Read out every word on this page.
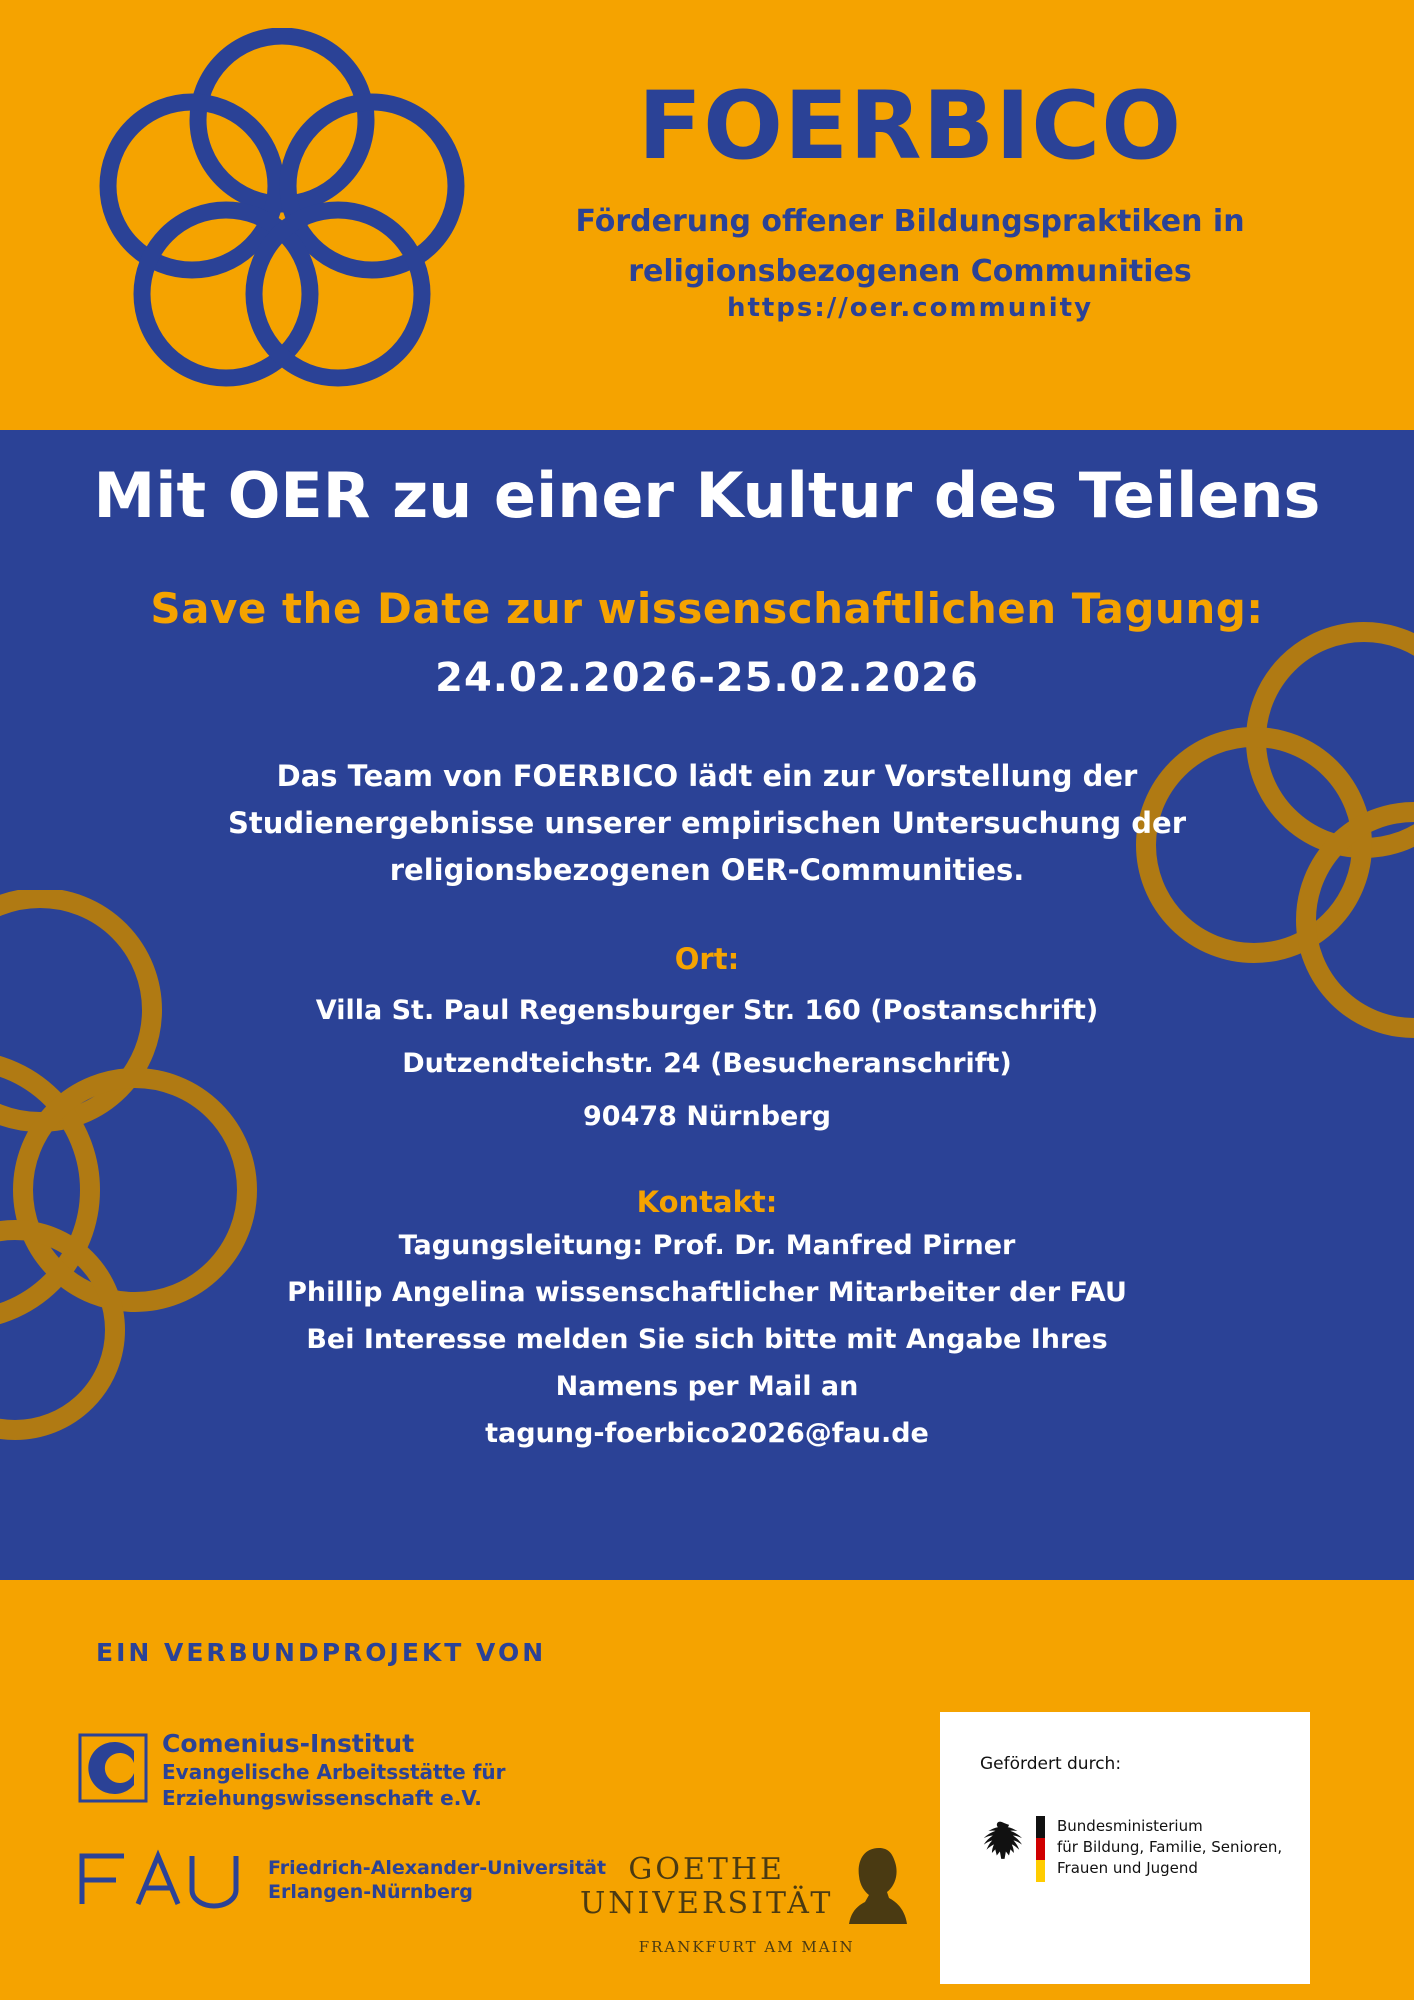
FOERBICO
Förderung offener Bildungspraktiken in
religionsbezogenen Communities
https://oer.community
Mit OER zu einer Kultur des Teilens
Save the Date zur wissenschaftlichen Tagung:
24.02.2026-25.02.2026
Das Team von FOERBICO lädt ein zur Vorstellung der
Studienergebnisse unserer empirischen Untersuchung der
religionsbezogenen OER-Communities.
Ort:
Villa St. Paul Regensburger Str. 160 (Postanschrift)
Dutzendteichstr. 24 (Besucheranschrift)
90478 Nürnberg
Kontakt:
Tagungsleitung: Prof. Dr. Manfred Pirner
Phillip Angelina wissenschaftlicher Mitarbeiter der FAU
Bei Interesse melden Sie sich bitte mit Angabe Ihres
Namens per Mail an
tagung-foerbico2026@fau.de
EIN VERBUNDPROJEKT VON
Comenius-Institut
Evangelische Arbeitsstätte für
Erziehungswissenschaft e.V.
Friedrich-Alexander-Universität
Erlangen-Nürnberg
GOETHE
UNIVERSITÄT
FRANKFURT AM MAIN
Gefördert durch:
Bundesministerium
für Bildung, Familie, Senioren,
Frauen und Jugend
